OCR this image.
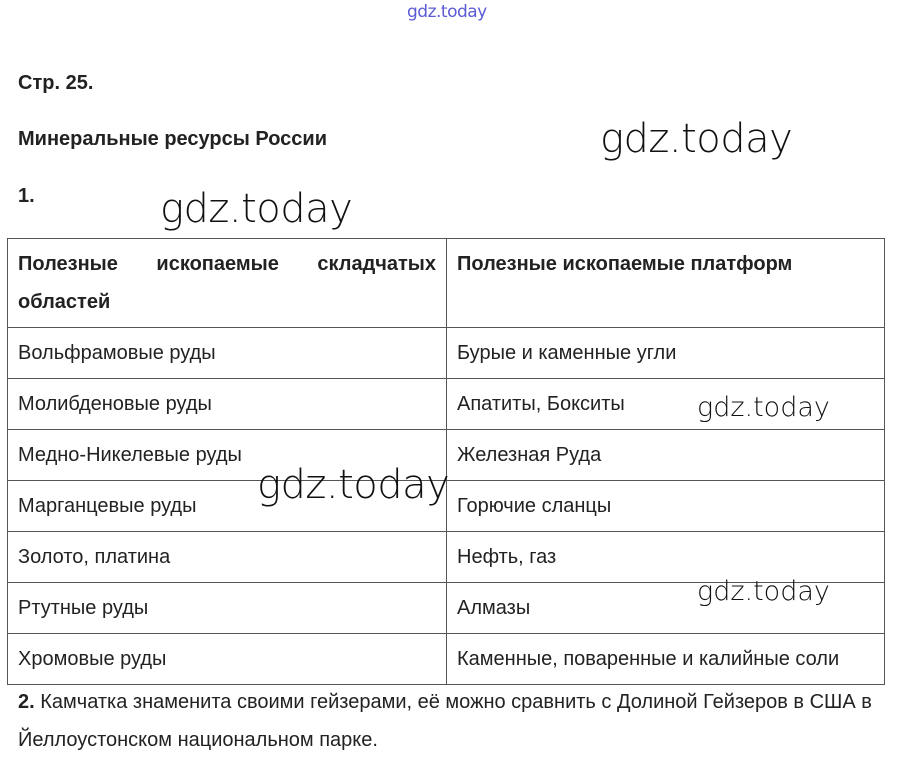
gdz.today
Стр. 25.
Минеральные ресурсы России
1.
Полезные ископаемые складчатых областей	Полезные ископаемые платформ
Вольфрамовые руды	Бурые и каменные угли
Молибденовые руды	Апатиты, Бокситы
Медно-Никелевые руды	Железная Руда
Марганцевые руды	Горючие сланцы
Золото, платина	Нефть, газ
Ртутные руды	Алмазы
Хромовые руды	Каменные, поваренные и калийные соли
2. Камчатка знаменита своими гейзерами, её можно сравнить с Долиной Гейзеров в США в Йеллоустонском национальном парке.
gdz.today
gdz.today
gdz.today
gdz.today
gdz.today
